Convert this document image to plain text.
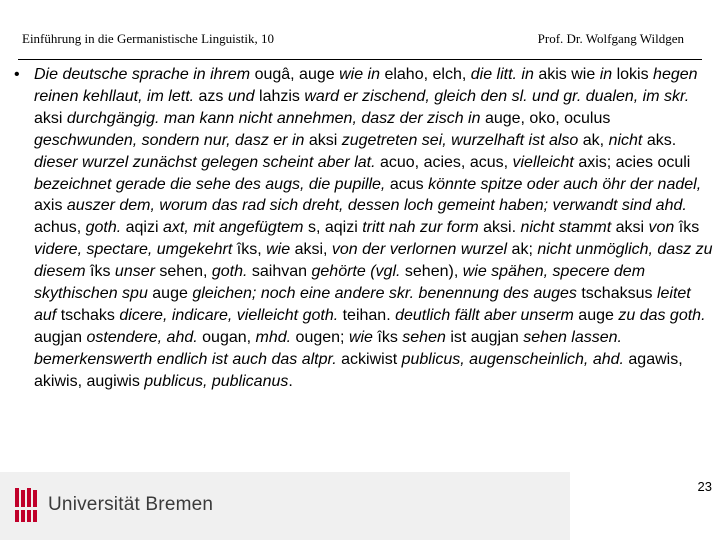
Einführung in die Germanistische Linguistik, 10	Prof. Dr. Wolfgang Wildgen
• Die deutsche sprache in ihrem ougâ, auge wie in elaho, elch, die litt. in akis wie in lokis hegen reinen kehllaut, im lett. azs und lahzis ward er zischend, gleich den sl. und gr. dualen, im skr. aksi durchgängig. man kann nicht annehmen, dasz der zisch in auge, oko, oculus geschwunden, sondern nur, dasz er in aksi zugetreten sei, wurzelhaft ist also ak, nicht aks. dieser wurzel zunächst gelegen scheint aber lat. acuo, acies, acus, vielleicht axis; acies oculi bezeichnet gerade die sehe des augs, die pupille, acus könnte spitze oder auch öhr der nadel, axis auszer dem, worum das rad sich dreht, dessen loch gemeint haben; verwandt sind ahd. achus, goth. aqizi axt, mit angefügtem s, aqizi tritt nah zur form aksi. nicht stammt aksi von îks videre, spectare, umgekehrt îks, wie aksi, von der verlornen wurzel ak; nicht unmöglich, dasz zu diesem îks unser sehen, goth. saihvan gehörte (vgl. sehen), wie spähen, specere dem skythischen spu auge gleichen; noch eine andere skr. benennung des auges tschaksus leitet auf tschaks dicere, indicare, vielleicht goth. teihan. deutlich fällt aber unserm auge zu das goth. augjan ostendere, ahd. ougan, mhd. ougen; wie îks sehen ist augjan sehen lassen. bemerkenswerth endlich ist auch das altpr. ackiwist publicus, augenscheinlich, ahd. agawis, akiwis, augiwis publicus, publicanus.
Universität Bremen
23
